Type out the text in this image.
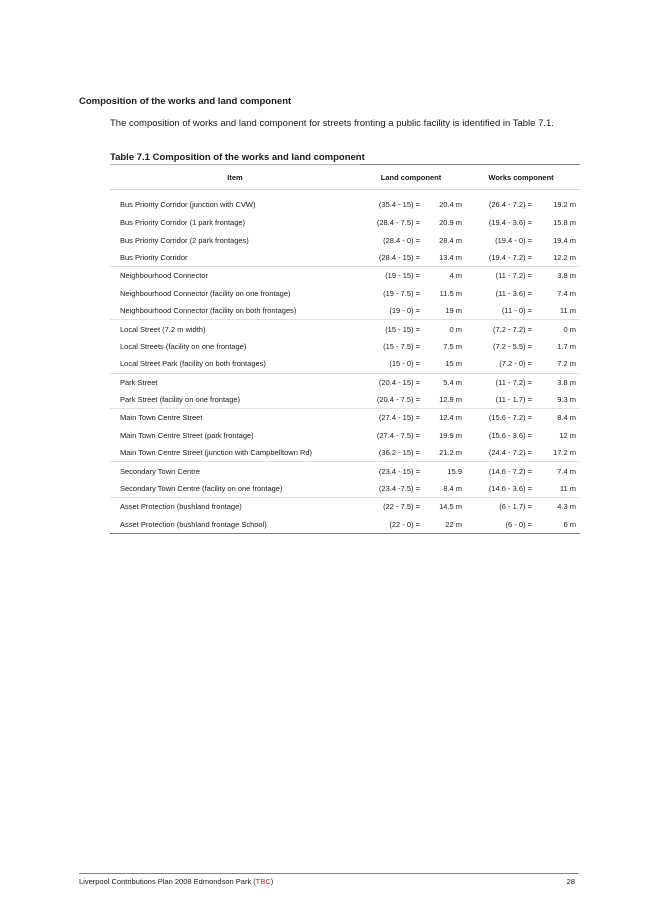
Composition of the works and land component

The composition of works and land component for streets fronting a public facility is identified in Table 7.1.

Table 7.1 Composition of the works and land component

Item	Land component		Works component	
Bus Priority Corridor (junction with CVW)	(35.4 - 15) =	20.4 m	(26.4 - 7.2) =	19.2 m
Bus Priority Corridor (1 park frontage)	(28.4 - 7.5) =	20.9 m	(19.4 - 3.6) =	15.8 m
Bus Priority Corridor (2 park frontages)	(28.4 - 0) =	28.4 m	(19.4 - 0) =	19.4 m
Bus Priority Corridor	(28.4 - 15) =	13.4 m	(19.4 - 7.2) =	12.2 m
Neighbourhood Connector	(19 - 15) =	4 m	(11 - 7.2) =	3.8 m
Neighbourhood Connector (facility on one frontage)	(19 - 7.5) =	11.5 m	(11 - 3.6) =	7.4 m
Neighbourhood Connector (facility on both frontages)	(19 - 0) =	19 m	(11 - 0) =	11 m
Local Street (7.2 m width)	(15 - 15) =	0 m	(7.2 - 7.2) =	0 m
Local Streets (facility on one frontage)	(15 - 7.5) =	7.5 m	(7.2 - 5.5) =	1.7 m
Local Street Park (facility on both frontages)	(15 - 0) =	15 m	(7.2 - 0) =	7.2 m
Park Street	(20.4 - 15) =	5.4 m	(11 - 7.2) =	3.8 m
Park Street (facility on one frontage)	(20.4 - 7.5) =	12.9 m	(11 - 1.7) =	9.3 m
Main Town Centre Street	(27.4 - 15) =	12.4 m	(15.6 - 7.2) =	8.4 m
Main Town Centre Street (park frontage)	(27.4 - 7.5) =	19.9 m	(15.6 - 3.6) =	12 m
Main Town Centre Street (junction with Campbelltown Rd)	(36.2 - 15) =	21.2 m	(24.4 - 7.2) =	17.2 m
Secondary Town Centre	(23.4 - 15) =	15.9	(14.6 - 7.2) =	7.4 m
Secondary Town Centre (facility on one frontage)	(23.4 -7.5) =	8.4 m	(14.6 - 3.6) =	11 m
Asset Protection (bushland frontage)	(22 - 7.5) =	14.5 m	(6 - 1.7) =	4.3 m
Asset Protection (bushland frontage School)	(22 - 0) =	22 m	(6 - 0) =	6 m

Liverpool Contributions Plan 2008 Edmondson Park (TBC)	28
